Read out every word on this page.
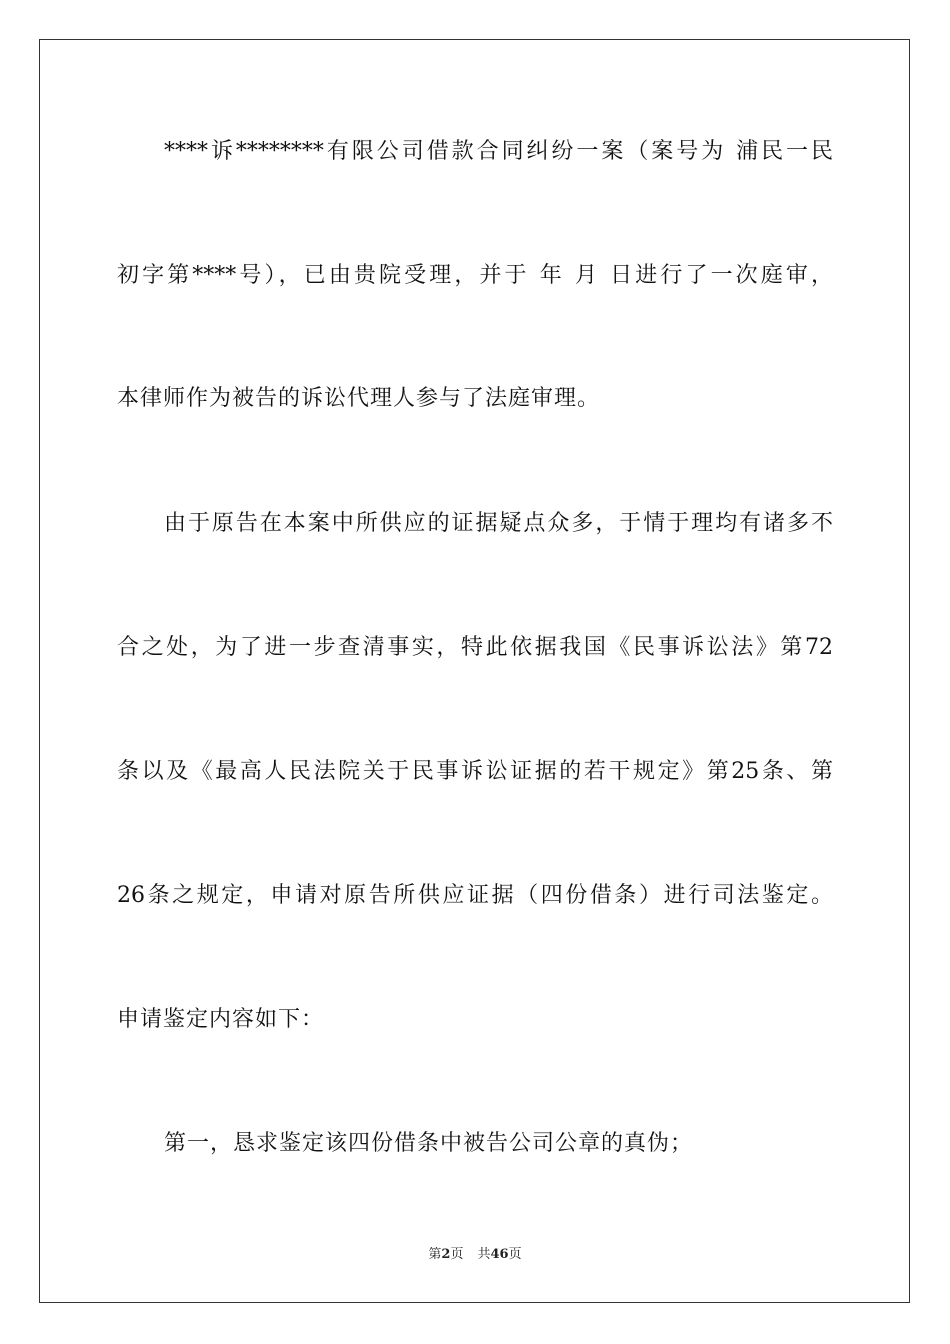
****诉********有限公司借款合同纠纷一案（案号为 浦民一民
初字第****号），已由贵院受理，并于 年 月 日进行了一次庭审，
本律师作为被告的诉讼代理人参与了法庭审理。
由于原告在本案中所供应的证据疑点众多，于情于理均有诸多不
合之处，为了进一步查清事实，特此依据我国《民事诉讼法》第72
条以及《最高人民法院关于民事诉讼证据的若干规定》第25条、第
26条之规定，申请对原告所供应证据（四份借条）进行司法鉴定。
申请鉴定内容如下：
第一，恳求鉴定该四份借条中被告公司公章的真伪；
第2页 共46页
